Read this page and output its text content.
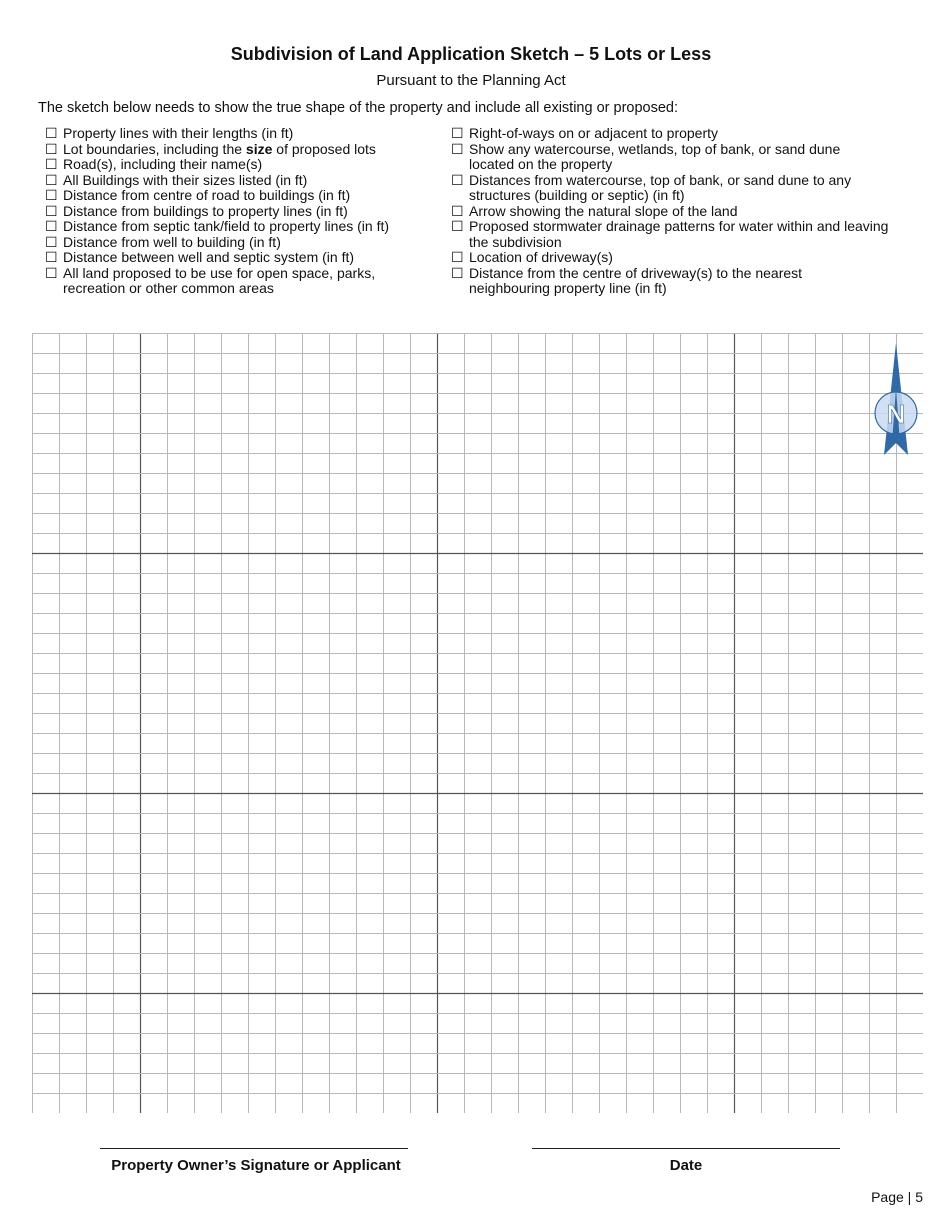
Subdivision of Land Application Sketch – 5 Lots or Less
Pursuant to the Planning Act
The sketch below needs to show the true shape of the property and include all existing or proposed:
☐ Property lines with their lengths (in ft)
☐ Lot boundaries, including the size of proposed lots
☐ Road(s), including their name(s)
☐ All Buildings with their sizes listed (in ft)
☐ Distance from centre of road to buildings (in ft)
☐ Distance from buildings to property lines (in ft)
☐ Distance from septic tank/field to property lines (in ft)
☐ Distance from well to building (in ft)
☐ Distance between well and septic system (in ft)
☐ All land proposed to be use for open space, parks, recreation or other common areas
☐ Right-of-ways on or adjacent to property
☐ Show any watercourse, wetlands, top of bank, or sand dune located on the property
☐ Distances from watercourse, top of bank, or sand dune to any structures (building or septic) (in ft)
☐ Arrow showing the natural slope of the land
☐ Proposed stormwater drainage patterns for water within and leaving the subdivision
☐ Location of driveway(s)
☐ Distance from the centre of driveway(s) to the nearest neighbouring property line (in ft)
N
Property Owner’s Signature or Applicant	Date
Page | 5
